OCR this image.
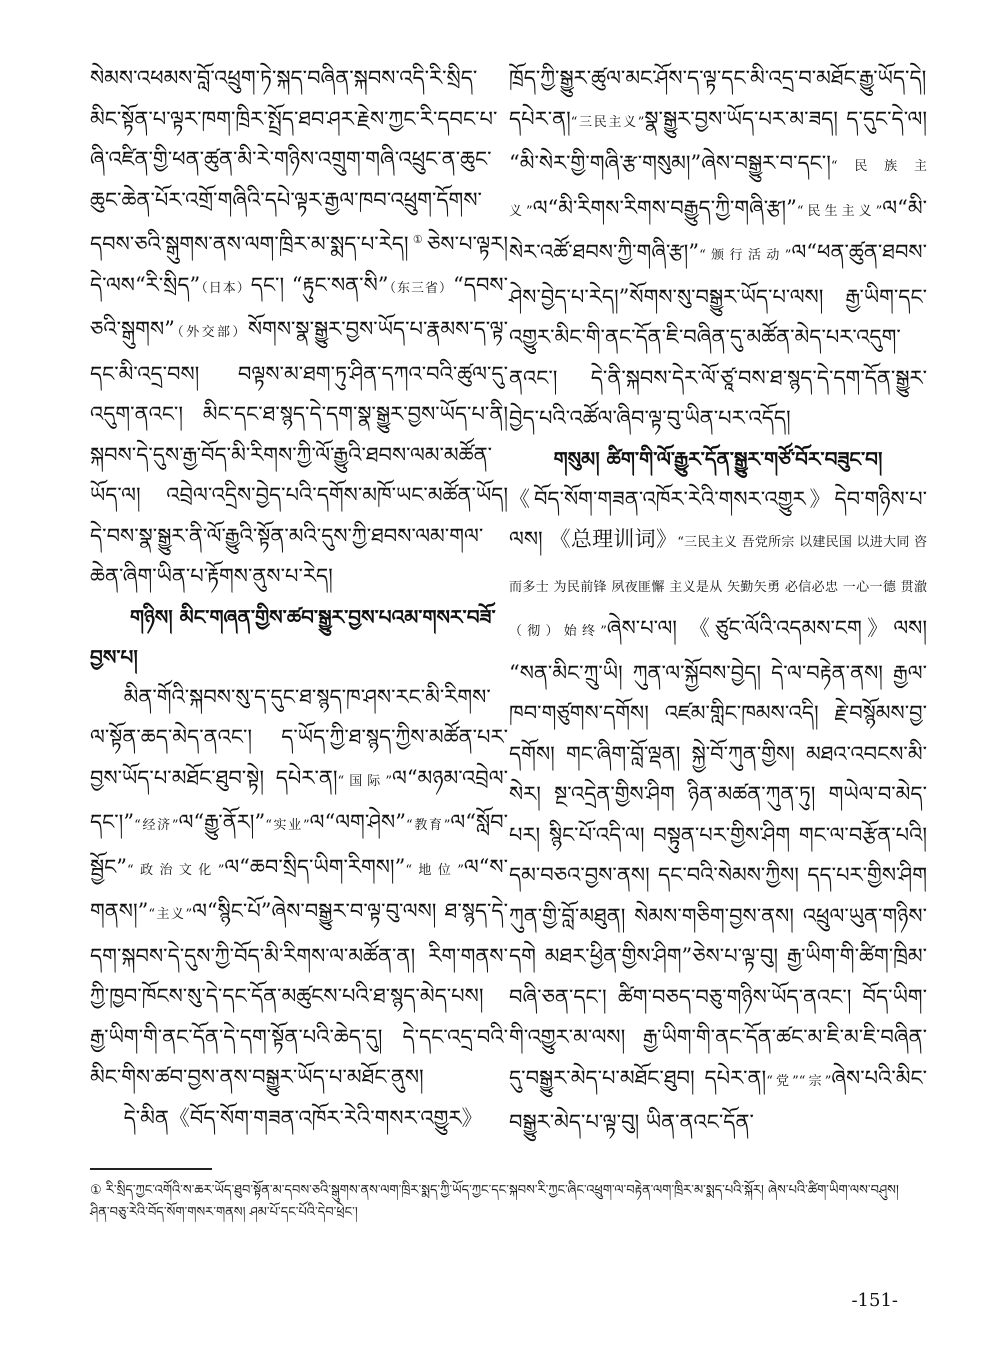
སེམས་འཕམས་བློ་འཕྲུག་ཏེ་སྐད་བཞིན་སྐབས་འདི་རི་སྲིད་མིང་སྟོན་པ་ལྟར་ཁག་ཁྲིར་སྤྲོད་ཐབ་ཤར་རྗེས་ཀྱང་རི་དབང་པ་ཞི་འཛིན་གྱི་ཕན་ཚུན་མི་རེ་གཉིས་འགྲུག་གཞི་འཕྲུང་ན་ཆུང་ཆུང་ཆེན་པོར་འགྲོ་གཞིའི་དཔེ་ལྟར་རྒྱལ་ཁབ་འཕྲུག་དོགས་དབས་ཅའི་སྒུགས་ནས་ལག་ཁྲིར་མ་སྨད་པ་རེད།①ཅེས་པ་ལྟར། དེ་ལས“རི་སྲིད”（日本）དང་། “རྟུང་སན་སི”（东三省）“དབས་ཅའི་སྒུགས”（外交部）སོགས་སྣ་སྒྱུར་བྱས་ཡོད་པ་རྣམས་ད་ལྟ་དང་མི་འདྲ་བས། བལྟས་མ་ཐག་ཏུ་ཤིན་དཀའ་བའི་ཚུལ་དུ་འདུག་ནའང་། མིང་དང་ཐ་སྙད་དེ་དག་སྣ་སྒྱུར་བྱས་ཡོད་པ་ནི། སྐབས་དེ་དུས་རྒྱ་བོད་མི་རིགས་ཀྱི་ལོ་རྒྱུའི་ཐབས་ལམ་མཚོན་ཡོད་ལ། འབྲེལ་འདྲིས་བྱེད་པའི་དགོས་མཁོ་ཡང་མཚོན་ཡོད། དེ་བས་སྣ་སྒྱུར་ནི་ལོ་རྒྱུའི་སྟོན་མའི་དུས་ཀྱི་ཐབས་ལམ་གལ་ཆེན་ཞིག་ཡིན་པ་རྟོགས་ནུས་པ་རེད།

གཉིས། མིང་གཞན་གྱིས་ཚབ་སྒྱུར་བྱས་པའམ་གསར་བཟོ་བྱས་པ།

མིན་གོའི་སྐབས་སུ་ད་དུང་ཐ་སྙད་ཁ་ཤས་རང་མི་རིགས་ལ་སྟོན་ཆད་མེད་ནའང་། ད་ཡོད་ཀྱི་ཐ་སྙད་ཀྱིས་མཚོན་པར་བྱས་ཡོད་པ་མཐོང་ཐུབ་སྟེ། དཔེར་ན།“国际”ལ“མཉམ་འབྲེལ་དང་།”“经济”ལ“རྒྱུ་ནོར།”“实业”ལ“ལག་ཤེས”“教育”ལ“སློབ་སྦྱོང”“政治文化”ལ“ཆབ་སྲིད་ཡིག་རིགས།”“地位”ལ“ས་གནས།”“主义”ལ“སྙིང་པོ”ཞེས་བསྒྱུར་བ་ལྟ་བུ་ལས། ཐ་སྙད་དེ་དག་སྐབས་དེ་དུས་ཀྱི་བོད་མི་རིགས་ལ་མཚོན་ན། རིག་གནས་ཀྱི་ཁྱབ་ཁོངས་སུ་དེ་དང་དོན་མཚུངས་པའི་ཐ་སྙད་མེད་པས། རྒྱ་ཡིག་གི་ནང་དོན་དེ་དག་སྟོན་པའི་ཆེད་དུ། དེ་དང་འདྲ་བའི་མིང་གིས་ཚབ་བྱས་ནས་བསྒྱུར་ཡོད་པ་མཐོང་ནུས།

དེ་མིན《བོད་སོག་གཟན་འཁོར་རེའི་གསར་འགྱུར》

ཁྲོད་ཀྱི་སྒྱུར་ཚུལ་མང་ཤོས་ད་ལྟ་དང་མི་འདྲ་བ་མཐོང་རྒྱུ་ཡོད་དེ། དཔེར་ན།“三民主义”སྣ་སྒྱུར་བྱས་ཡོད་པར་མ་ཟད། ད་དུང་དེ་ལ། “མི་སེར་གྱི་གཞི་རྩ་གསུམ།”ཞེས་བསྒྱུར་བ་དང་།“民族主义”ལ“མི་རིགས་རིགས་བརྒྱུད་ཀྱི་གཞི་རྩ།”“民生主义”ལ“མི་སེར་འཚོ་ཐབས་ཀྱི་གཞི་རྩ།”“颁行活动”ལ“ཕན་ཚུན་ཐབས་ཤེས་བྱེད་པ་རེད།”སོགས་སུ་བསྒྱུར་ཡོད་པ་ལས། རྒྱ་ཡིག་དང་འགྱུར་མིང་གི་ནང་དོན་ཇི་བཞིན་དུ་མཚོན་མེད་པར་འདུག་ནའང་། དེ་ནི་སྐབས་དེར་ལོ་ཙཱ་བས་ཐ་སྙད་དེ་དག་དོན་སྒྱུར་བྱེད་པའི་འཚོལ་ཞིབ་ལྟ་བུ་ཡིན་པར་འདོད།

གསུམ། ཚིག་གི་ལོ་རྒྱུར་དོན་སྒྱུར་གཙོ་བོར་བཟུང་བ།

《བོད་སོག་གཟན་འཁོར་རེའི་གསར་འགྱུར》དེབ་གཉིས་པ་ལས། 《总理训词》“三民主义 吾党所宗 以建民国 以进大同 咨而多士 为民前锋 夙夜匪懈 主义是从 矢勤矢勇 必信必忠 一心一德 贯澈（彻）始终”ཞེས་པ་ལ། 《ཙུང་ལོའི་འདམས་ངག》ལས། “སན་མིང་ཀྲུ་ཡི། ཀུན་ལ་སྐྱོབས་བྱེད། དེ་ལ་བརྟེན་ནས། རྒྱལ་ཁབ་གཙུགས་དགོས། འཛམ་གླིང་ཁམས་འདི། རྗེ་བསྙོམས་བྱ་དགོས། གང་ཞིག་བློ་ལྡན། སྐྱེ་བོ་ཀུན་གྱིས། མཐའ་འབངས་མི་སེར། སྔ་འདྲེན་གྱིས་ཤིག ཉིན་མཚན་ཀུན་ཏུ། གཡེལ་བ་མེད་པར། སྙིང་པོ་འདི་ལ། བསྟུན་པར་གྱིས་ཤིག གང་ལ་བརྩོན་པའི། དམ་བཅའ་བྱས་ནས། དང་བའི་སེམས་ཀྱིས། དད་པར་གྱིས་ཤིག ཀུན་གྱི་བློ་མཐུན། སེམས་གཅིག་བྱས་ནས། འཕྲུལ་ཡུན་གཉིས་དགེ མཐར་ཕྱིན་གྱིས་ཤིག”ཅེས་པ་ལྟ་བུ། རྒྱ་ཡིག་གི་ཚིག་ཁྲིམ་བཞི་ཅན་དང་། ཚིག་བཅད་བཅུ་གཉིས་ཡོད་ནའང་། བོད་ཡིག་གི་འགྱུར་མ་ལས། རྒྱ་ཡིག་གི་ནང་དོན་ཚང་མ་ཇི་མ་ཇི་བཞིན་དུ་བསྒྱུར་མེད་པ་མཐོང་ཐུབ། དཔེར་ན།“党”“宗”ཞེས་པའི་མིང་བསྒྱུར་མེད་པ་ལྟ་བུ། ཡིན་ནའང་དོན་

① རི་སྲིད་ཀྱང་འགོའི་ས་ཆར་ཡོད་ཐུབ་སྟོན་མ་དབས་ཅའི་སྒུགས་ནས་ལག་ཁྲིར་སྨད་ཀྱི་ཡོད་ཀྱང་དང་སྐབས་རི་ཀྱང་ཞིང་འཕྲུག་ལ་བརྟེན་ལག་ཁྲིར་མ་སྨད་པའི་སྐོར། ཞེས་པའི་ཚིག་ཡིག་ལས་བཤུས། ཤིན་བཅུ་རེའི་བོད་སོག་གསར་གནས། ཤམ་པོ་དང་པོའི་དེབ་ཕྲེང་།
-151-
